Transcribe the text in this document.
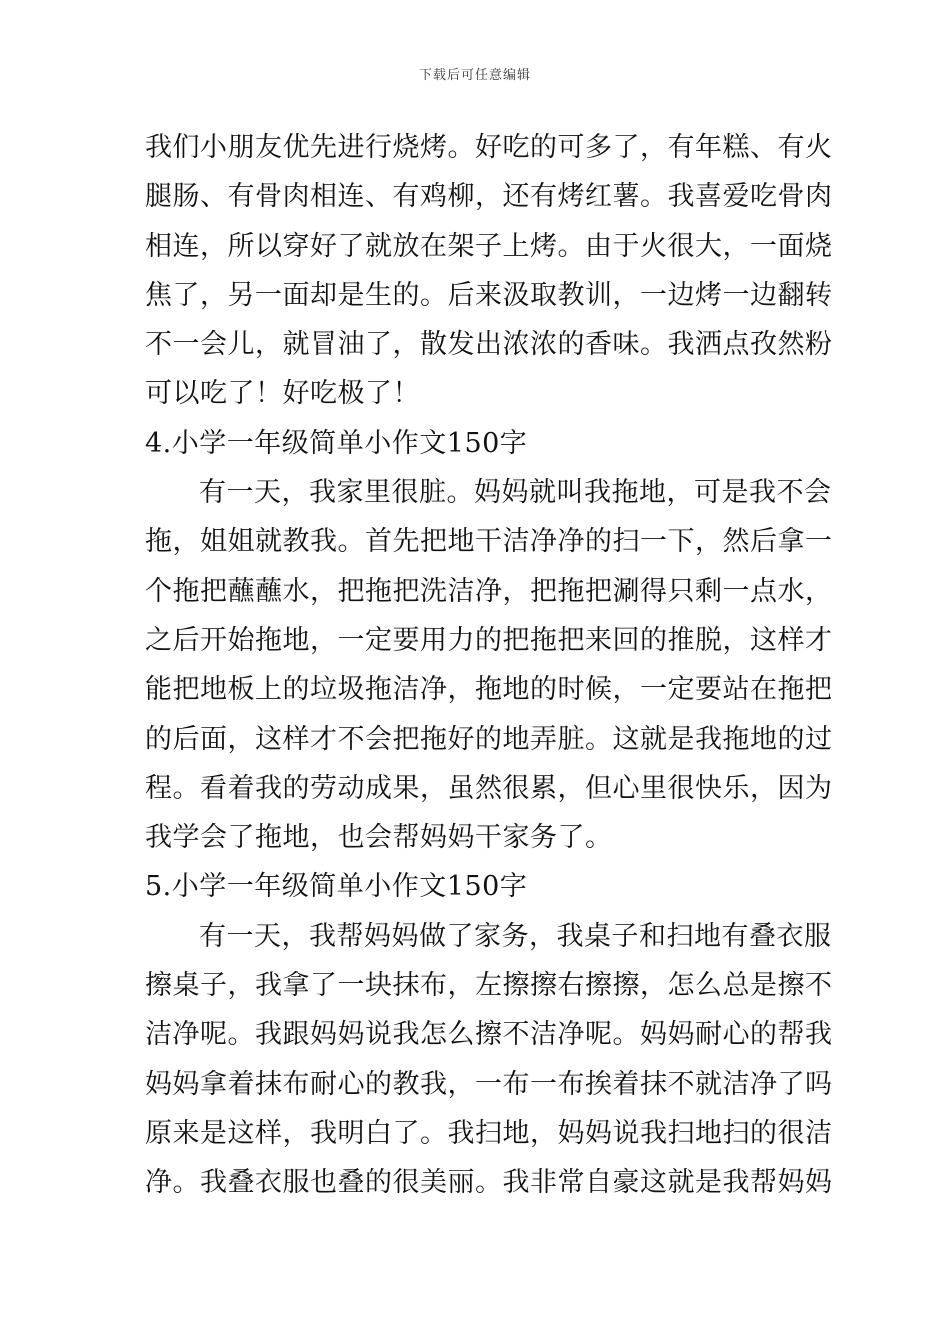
下载后可任意编辑
我们小朋友优先进行烧烤。好吃的可多了，有年糕、有火
腿肠、有骨肉相连、有鸡柳，还有烤红薯。我喜爱吃骨肉
相连，所以穿好了就放在架子上烤。由于火很大，一面烧
焦了，另一面却是生的。后来汲取教训，一边烤一边翻转
不一会儿，就冒油了，散发出浓浓的香味。我洒点孜然粉
可以吃了！好吃极了！
4.小学一年级简单小作文150字
有一天，我家里很脏。妈妈就叫我拖地，可是我不会
拖，姐姐就教我。首先把地干洁净净的扫一下，然后拿一
个拖把蘸蘸水，把拖把洗洁净，把拖把涮得只剩一点水，
之后开始拖地，一定要用力的把拖把来回的推脱，这样才
能把地板上的垃圾拖洁净，拖地的时候，一定要站在拖把
的后面，这样才不会把拖好的地弄脏。这就是我拖地的过
程。看着我的劳动成果，虽然很累，但心里很快乐，因为
我学会了拖地，也会帮妈妈干家务了。
5.小学一年级简单小作文150字
有一天，我帮妈妈做了家务，我桌子和扫地有叠衣服
擦桌子，我拿了一块抹布，左擦擦右擦擦，怎么总是擦不
洁净呢。我跟妈妈说我怎么擦不洁净呢。妈妈耐心的帮我
妈妈拿着抹布耐心的教我，一布一布挨着抹不就洁净了吗
原来是这样，我明白了。我扫地，妈妈说我扫地扫的很洁
净。我叠衣服也叠的很美丽。我非常自豪这就是我帮妈妈
